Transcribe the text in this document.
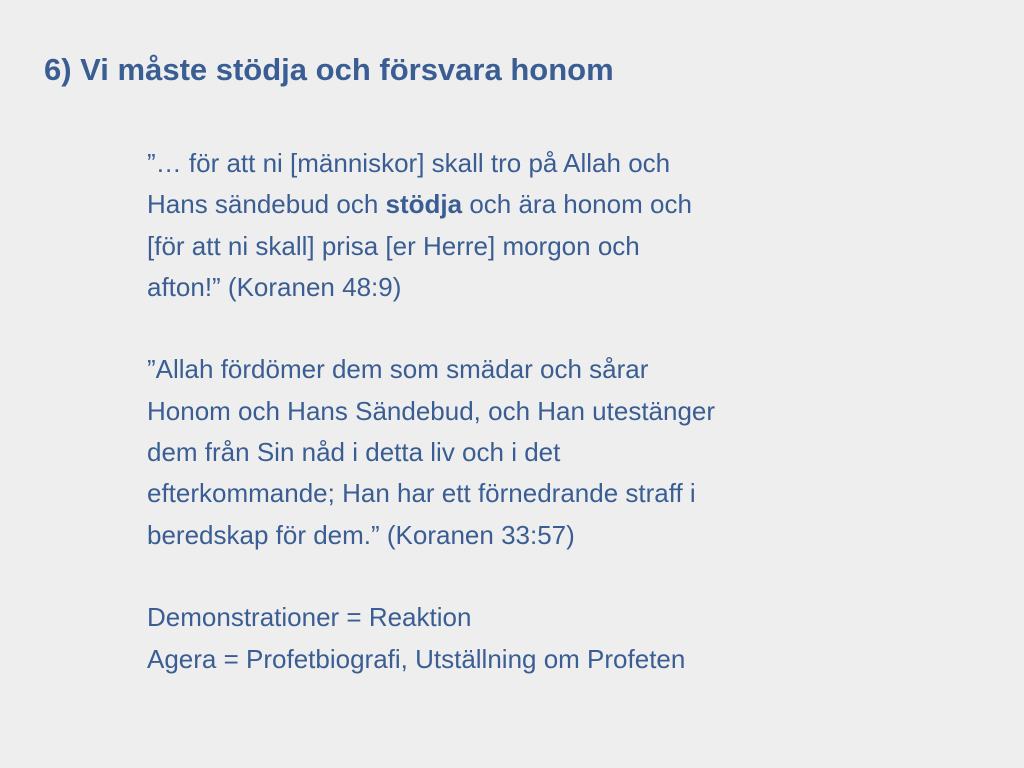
6) Vi måste stödja och försvara honom

”… för att ni [människor] skall tro på Allah och
Hans sändebud och stödja och ära honom och
[för att ni skall] prisa [er Herre] morgon och
afton!” (Koranen 48:9)

”Allah fördömer dem som smädar och sårar
Honom och Hans Sändebud, och Han utestänger
dem från Sin nåd i detta liv och i det
efterkommande; Han har ett förnedrande straff i
beredskap för dem.” (Koranen 33:57)

Demonstrationer = Reaktion
Agera = Profetbiografi, Utställning om Profeten
